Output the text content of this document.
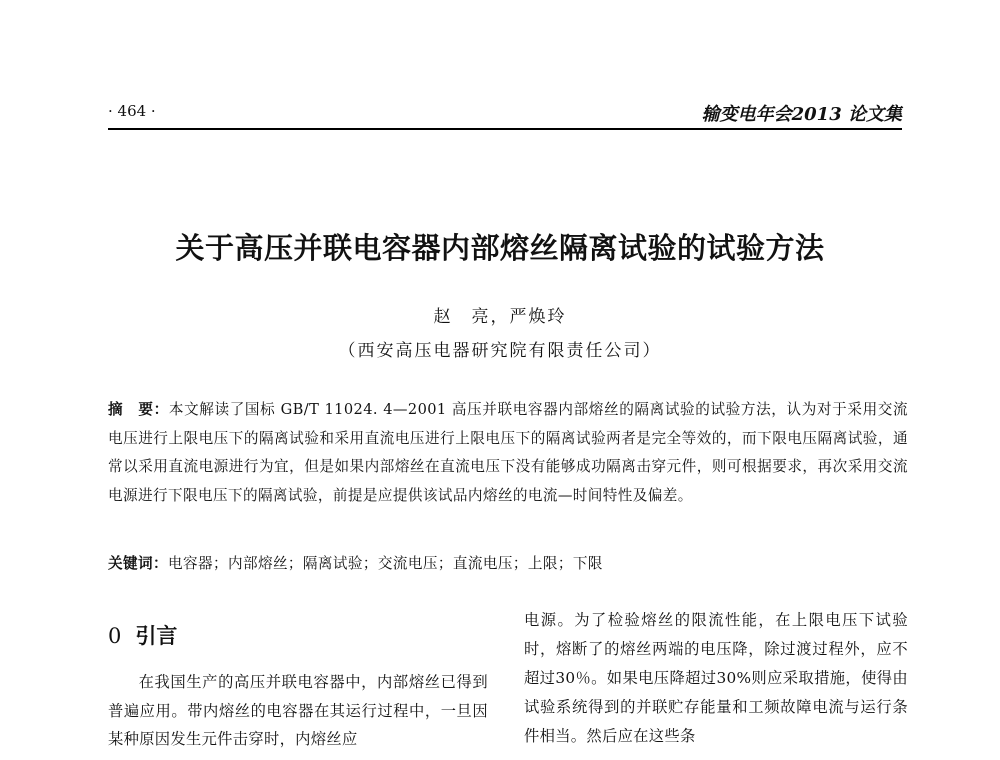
· 464 ·	输变电年会2013 论文集
关于高压并联电容器内部熔丝隔离试验的试验方法
赵　亮，严焕玲
（西安高压电器研究院有限责任公司）
摘　要：本文解读了国标 GB/T 11024. 4—2001 高压并联电容器内部熔丝的隔离试验的试验方法，认为对于采用交流电压进行上限电压下的隔离试验和采用直流电压进行上限电压下的隔离试验两者是完全等效的，而下限电压隔离试验，通常以采用直流电源进行为宜，但是如果内部熔丝在直流电压下没有能够成功隔离击穿元件，则可根据要求，再次采用交流电源进行下限电压下的隔离试验，前提是应提供该试品内熔丝的电流—时间特性及偏差。
关键词：电容器；内部熔丝；隔离试验；交流电压；直流电压；上限；下限
0 引言

在我国生产的高压并联电容器中，内部熔丝已得到普遍应用。带内熔丝的电容器在其运行过程中，一旦因某种原因发生元件击穿时，内熔丝应

电源。为了检验熔丝的限流性能，在上限电压下试验时，熔断了的熔丝两端的电压降，除过渡过程外，应不超过30％。如果电压降超过30%则应采取措施，使得由试验系统得到的并联贮存能量和工频故障电流与运行条件相当。然后应在这些条
